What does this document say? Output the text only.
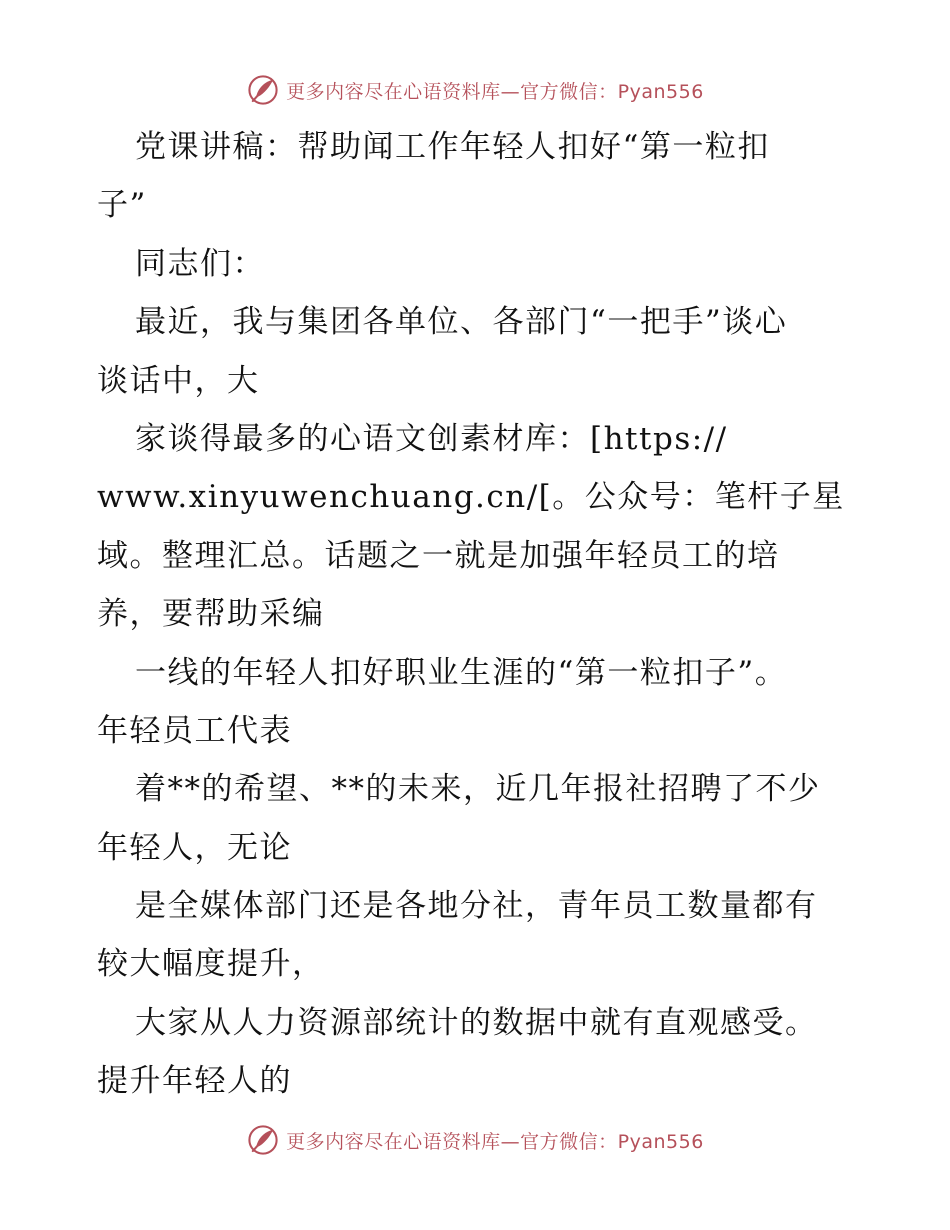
更多内容尽在心语资料库—官方微信：Pyan556
党课讲稿：帮助闻工作年轻人扣好“第一粒扣
子”
同志们：
最近，我与集团各单位、各部门“一把手”谈心
谈话中，大
家谈得最多的心语文创素材库：[https://
www.xinyuwenchuang.cn/[。公众号：笔杆子星
域。整理汇总。话题之一就是加强年轻员工的培
养，要帮助采编
一线的年轻人扣好职业生涯的“第一粒扣子”。
年轻员工代表
着**的希望、**的未来，近几年报社招聘了不少
年轻人，无论
是全媒体部门还是各地分社，青年员工数量都有
较大幅度提升，
大家从人力资源部统计的数据中就有直观感受。
提升年轻人的
更多内容尽在心语资料库—官方微信：Pyan556
